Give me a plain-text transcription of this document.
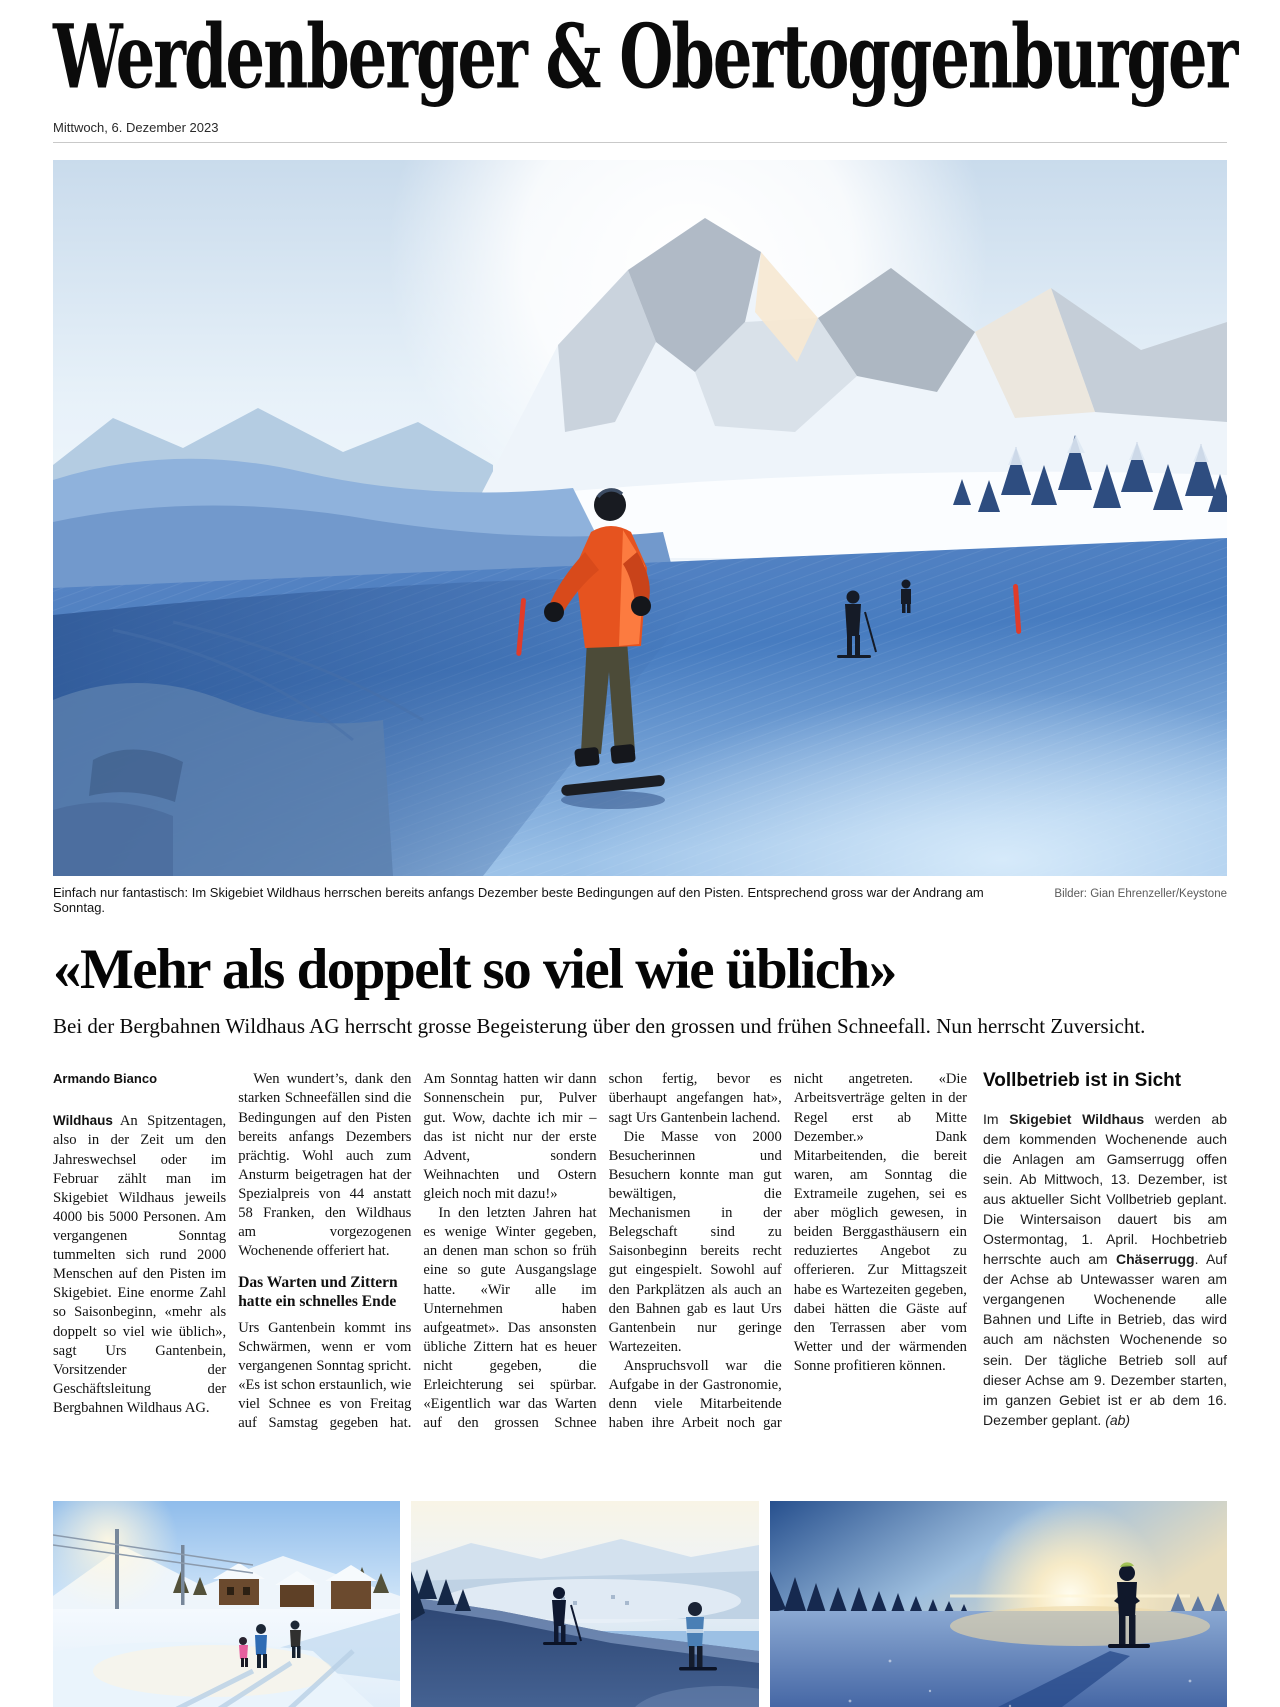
Werdenberger & Obertoggenburger
Mittwoch, 6. Dezember 2023
Einfach nur fantastisch: Im Skigebiet Wildhaus herrschen bereits anfangs Dezember beste Bedingungen auf den Pisten. Entsprechend gross war der Andrang am Sonntag.
Bilder: Gian Ehrenzeller/Keystone
«Mehr als doppelt so viel wie üblich»
Bei der Bergbahnen Wildhaus AG herrscht grosse Begeisterung über den grossen und frühen Schneefall. Nun herrscht Zuversicht.

Armando Bianco

Wildhaus An Spitzentagen, also in der Zeit um den Jahreswechsel oder im Februar zählt man im Skigebiet Wildhaus jeweils 4000 bis 5000 Personen. Am vergangenen Sonntag tummelten sich rund 2000 Menschen auf den Pisten im Skigebiet. Eine enorme Zahl so Saisonbeginn, «mehr als doppelt so viel wie üblich», sagt Urs Gantenbein, Vorsitzender der Geschäftsleitung der Bergbahnen Wildhaus AG.

Wen wundert’s, dank den starken Schneefällen sind die Bedingungen auf den Pisten bereits anfangs Dezembers prächtig. Wohl auch zum Ansturm beigetragen hat der Spezialpreis von 44 anstatt 58 Franken, den Wildhaus am vorgezogenen Wochenende offeriert hat.

Das Warten und Zittern hatte ein schnelles Ende

Urs Gantenbein kommt ins Schwärmen, wenn er vom vergangenen Sonntag spricht. «Es ist schon erstaunlich, wie viel Schnee es von Freitag auf Samstag gegeben hat. Am Sonntag hatten wir dann Sonnenschein pur, Pulver gut. Wow, dachte ich mir – das ist nicht nur der erste Advent, sondern Weihnachten und Ostern gleich noch mit dazu!»

In den letzten Jahren hat es wenige Winter gegeben, an denen man schon so früh eine so gute Ausgangslage hatte. «Wir alle im Unternehmen haben aufgeatmet». Das ansonsten übliche Zittern hat es heuer nicht gegeben, die Erleichterung sei spürbar. «Eigentlich war das Warten auf den grossen Schnee schon fertig, bevor es überhaupt angefangen hat», sagt Urs Gantenbein lachend.

Die Masse von 2000 Besucherinnen und Besuchern konnte man gut bewältigen, die Mechanismen in der Belegschaft sind zu Saisonbeginn bereits recht gut eingespielt. Sowohl auf den Parkplätzen als auch an den Bahnen gab es laut Urs Gantenbein nur geringe Wartezeiten.

Anspruchsvoll war die Aufgabe in der Gastronomie, denn viele Mitarbeitende haben ihre Arbeit noch gar nicht angetreten. «Die Arbeitsverträge gelten in der Regel erst ab Mitte Dezember.» Dank Mitarbeitenden, die bereit waren, am Sonntag die Extrameile zugehen, sei es aber möglich gewesen, in beiden Berggasthäusern ein reduziertes Angebot zu offerieren. Zur Mittagszeit habe es Wartezeiten gegeben, dabei hätten die Gäste auf den Terrassen aber vom Wetter und der wärmenden Sonne profitieren können.

Vollbetrieb ist in Sicht

Im Skigebiet Wildhaus werden ab dem kommenden Wochenende auch die Anlagen am Gamserrugg offen sein. Ab Mittwoch, 13. Dezember, ist aus aktueller Sicht Vollbetrieb geplant. Die Wintersaison dauert bis am Ostermontag, 1. April. Hochbetrieb herrschte auch am Chäserrugg. Auf der Achse ab Untewasser waren am vergangenen Wochenende alle Bahnen und Lifte in Betrieb, das wird auch am nächsten Wochenende so sein. Der tägliche Betrieb soll auf dieser Achse am 9. Dezember starten, im ganzen Gebiet ist er ab dem 16. Dezember geplant. (ab)
